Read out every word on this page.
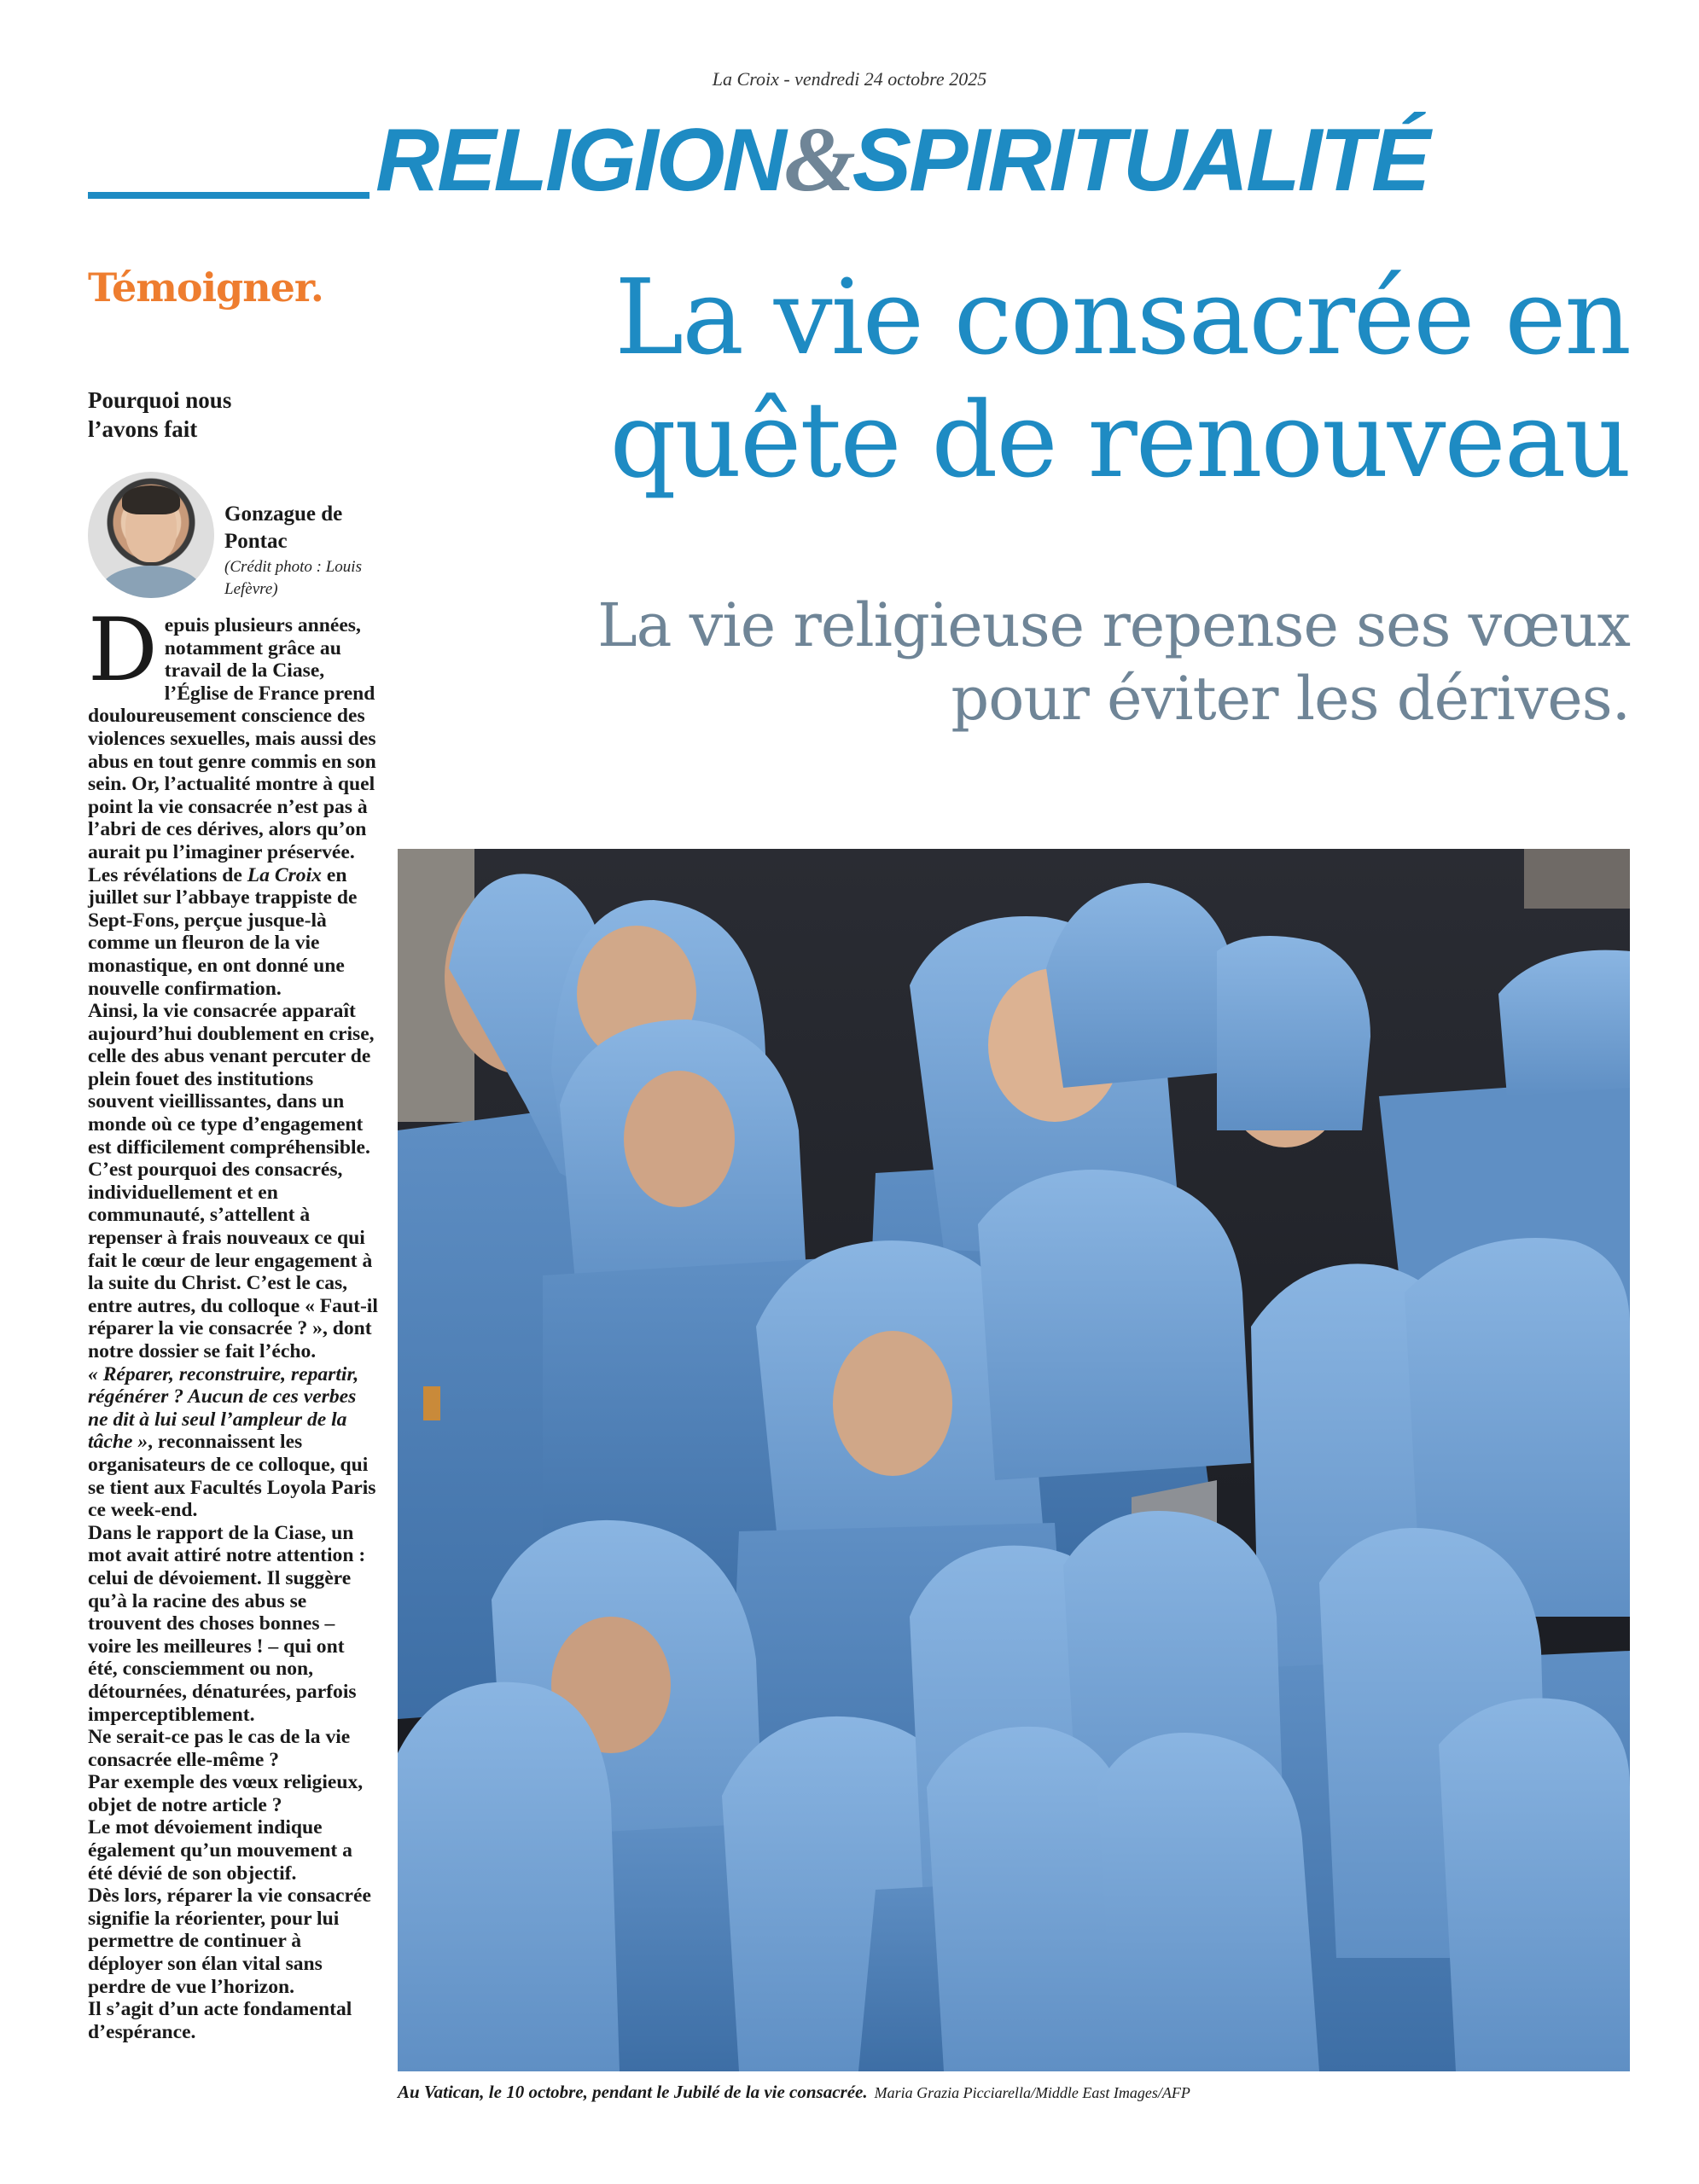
La Croix - vendredi 24 octobre 2025
RELIGION&SPIRITUALITÉ
Témoigner.	La vie consacrée en quête de renouveau
La vie religieuse repense ses vœux pour éviter les dérives.
Pourquoi nous l’avons fait
Gonzague de Pontac
(Crédit photo : Louis Lefèvre)

Depuis plusieurs années, notamment grâce au travail de la Ciase, l’Église de France prend douloureusement conscience des violences sexuelles, mais aussi des abus en tout genre commis en son sein. Or, l’actualité montre à quel point la vie consacrée n’est pas à l’abri de ces dérives, alors qu’on aurait pu l’imaginer préservée.

Les révélations de La Croix en juillet sur l’abbaye trappiste de Sept-Fons, perçue jusque-là comme un fleuron de la vie monastique, en ont donné une nouvelle confirmation.

Ainsi, la vie consacrée apparaît aujourd’hui doublement en crise, celle des abus venant percuter de plein fouet des institutions souvent vieillissantes, dans un monde où ce type d’engagement est difficilement compréhensible.

C’est pourquoi des consacrés, individuellement et en communauté, s’attellent à repenser à frais nouveaux ce qui fait le cœur de leur engagement à la suite du Christ. C’est le cas, entre autres, du colloque « Faut-il réparer la vie consacrée ? », dont notre dossier se fait l’écho.

« Réparer, reconstruire, repartir, régénérer ? Aucun de ces verbes ne dit à lui seul l’ampleur de la tâche », reconnaissent les organisateurs de ce colloque, qui se tient aux Facultés Loyola Paris ce week-end.

Dans le rapport de la Ciase, un mot avait attiré notre attention : celui de dévoiement. Il suggère qu’à la racine des abus se trouvent des choses bonnes – voire les meilleures ! – qui ont été, consciemment ou non, détournées, dénaturées, parfois imperceptiblement.

Ne serait-ce pas le cas de la vie consacrée elle-même ?

Par exemple des vœux religieux, objet de notre article ?

Le mot dévoiement indique également qu’un mouvement a été dévié de son objectif.

Dès lors, réparer la vie consacrée signifie la réorienter, pour lui permettre de continuer à déployer son élan vital sans perdre de vue l’horizon.

Il s’agit d’un acte fondamental d’espérance.

Au Vatican, le 10 octobre, pendant le Jubilé de la vie consacrée. Maria Grazia Picciarella/Middle East Images/AFP
